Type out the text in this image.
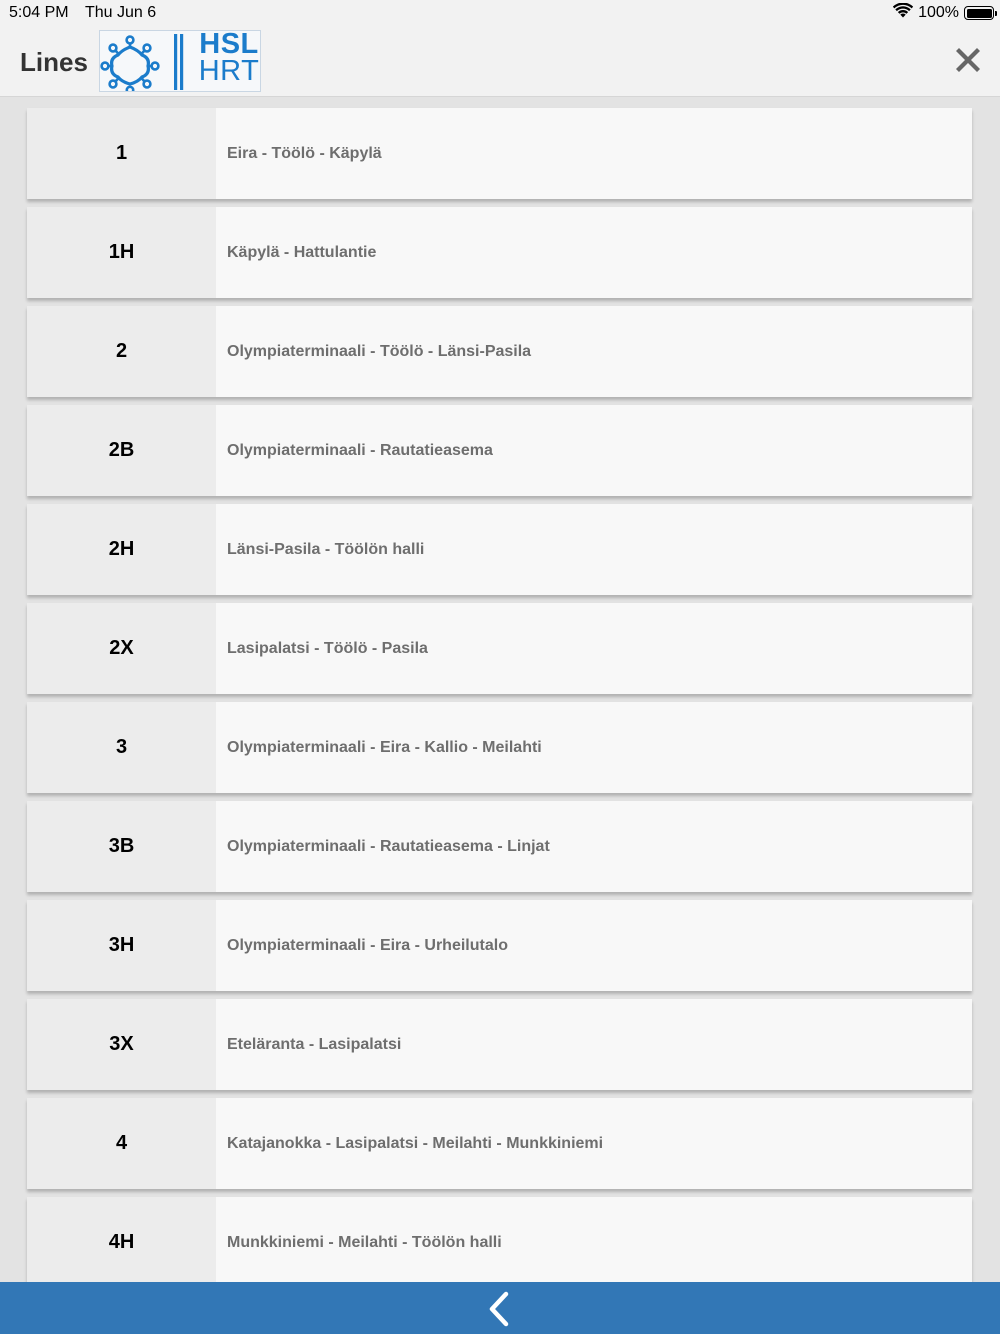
5:04 PM Thu Jun 6	100%
Lines
HSL
HRT
1	Eira - Töölö - Käpylä
1H	Käpylä - Hattulantie
2	Olympiaterminaali - Töölö - Länsi-Pasila
2B	Olympiaterminaali - Rautatieasema
2H	Länsi-Pasila - Töölön halli
2X	Lasipalatsi - Töölö - Pasila
3	Olympiaterminaali - Eira - Kallio - Meilahti
3B	Olympiaterminaali - Rautatieasema - Linjat
3H	Olympiaterminaali - Eira - Urheilutalo
3X	Eteläranta - Lasipalatsi
4	Katajanokka - Lasipalatsi - Meilahti - Munkkiniemi
4H	Munkkiniemi - Meilahti - Töölön halli
